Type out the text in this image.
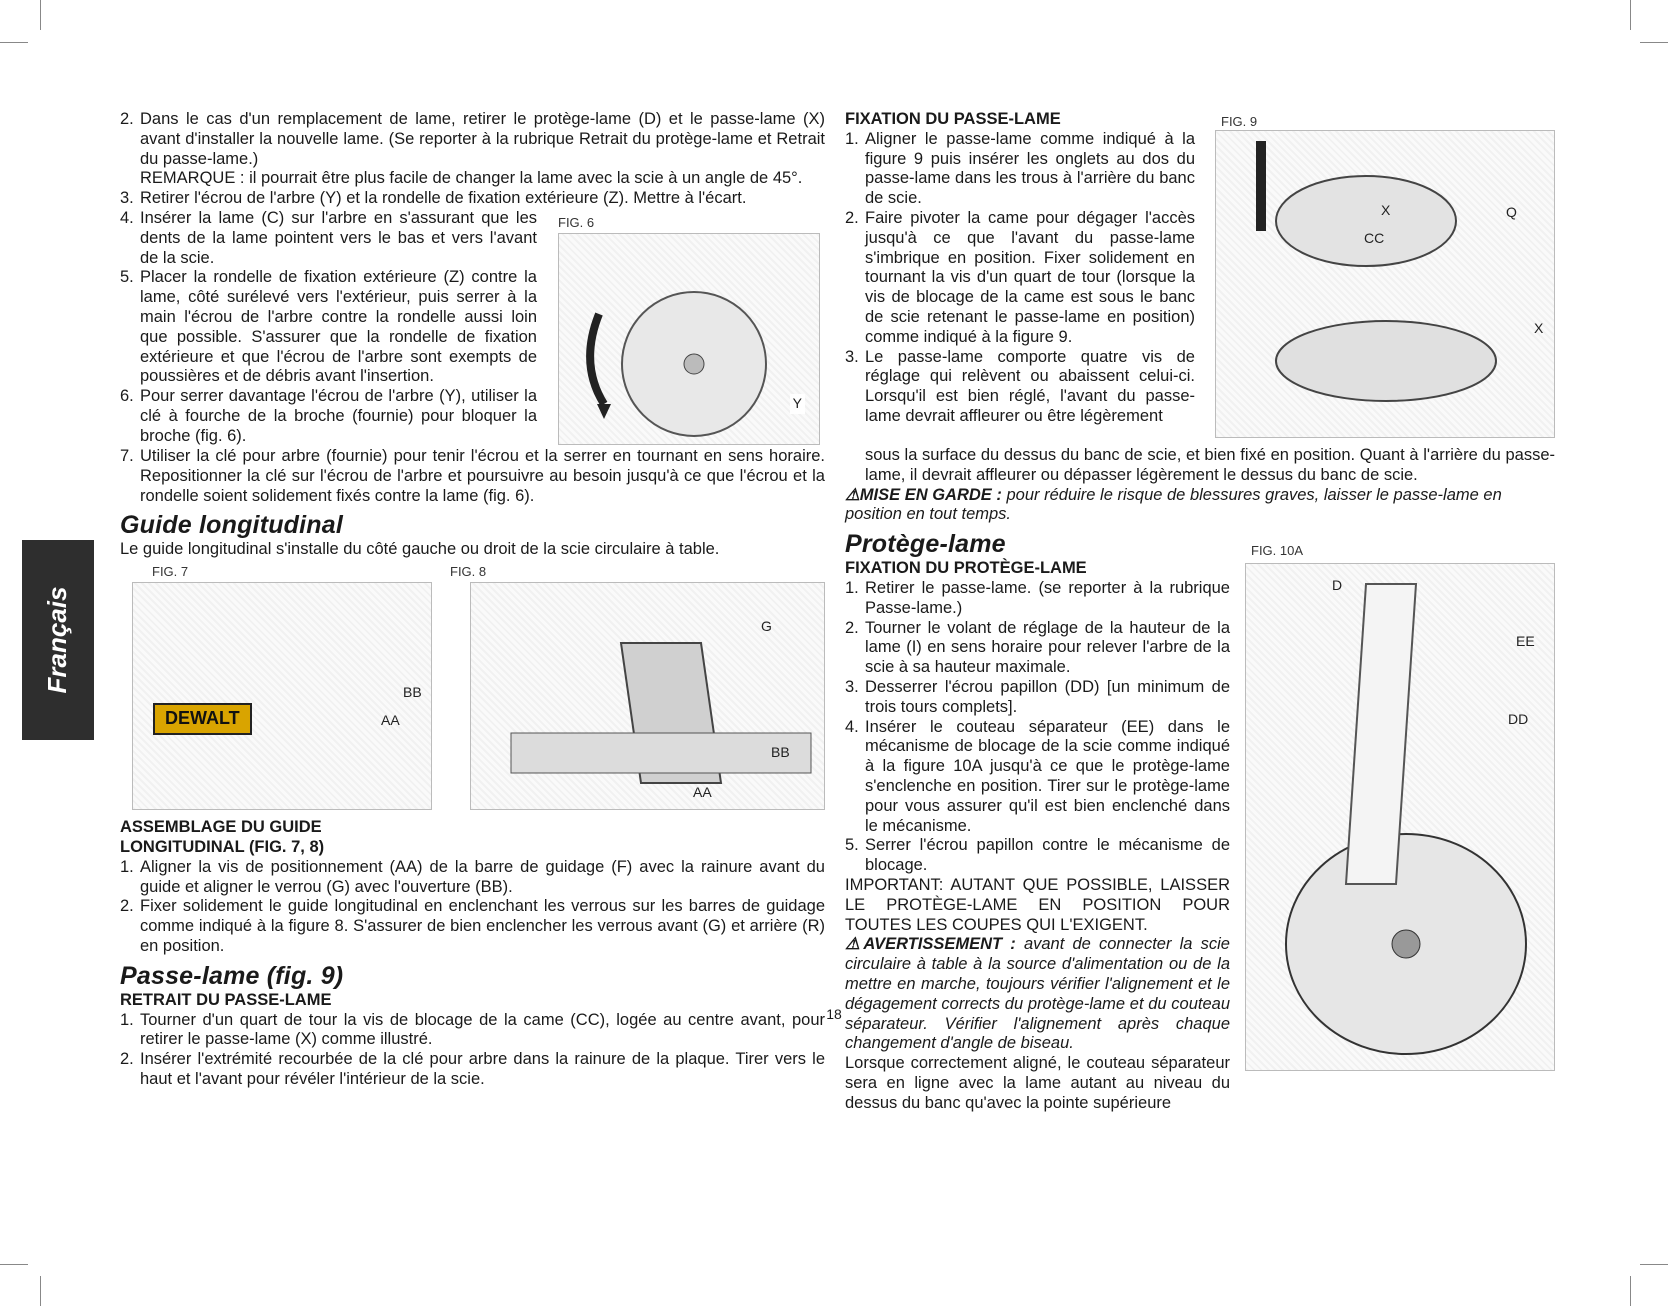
Français
2. Dans le cas d'un remplacement de lame, retirer le protège-lame (D) et le passe-lame (X) avant d'installer la nouvelle lame. (Se reporter à la rubrique Retrait du protège-lame et Retrait du passe-lame.)
REMARQUE : il pourrait être plus facile de changer la lame avec la scie à un angle de 45°.
3. Retirer l'écrou de l'arbre (Y) et la rondelle de fixation extérieure (Z). Mettre à l'écart.
4. Insérer la lame (C) sur l'arbre en s'assurant que les dents de la lame pointent vers le bas et vers l'avant de la scie.
5. Placer la rondelle de fixation extérieure (Z) contre la lame, côté surélevé vers l'extérieur, puis serrer à la main l'écrou de l'arbre contre la rondelle aussi loin que possible. S'assurer que la rondelle de fixation extérieure et que l'écrou de l'arbre sont exempts de poussières et de débris avant l'insertion.
6. Pour serrer davantage l'écrou de l'arbre (Y), utiliser la clé à fourche de la broche (fournie) pour bloquer la broche (fig. 6).
FIG. 6
Y
7. Utiliser la clé pour arbre (fournie) pour tenir l'écrou et la serrer en tournant en sens horaire. Repositionner la clé sur l'écrou de l'arbre et poursuivre au besoin jusqu'à ce que l'écrou et la rondelle soient solidement fixés contre la lame (fig. 6).
Guide longitudinal
Le guide longitudinal s'installe du côté gauche ou droit de la scie circulaire à table.
FIG. 7
DEWALT
BB
AA
FIG. 8
G
BB
AA
ASSEMBLAGE DU GUIDE
LONGITUDINAL (FIG. 7, 8)
1. Aligner la vis de positionnement (AA) de la barre de guidage (F) avec la rainure avant du guide et aligner le verrou (G) avec l'ouverture (BB).
2. Fixer solidement le guide longitudinal en enclenchant les verrous sur les barres de guidage comme indiqué à la figure 8. S'assurer de bien enclencher les verrous avant (G) et arrière (R) en position.
Passe-lame (fig. 9)
RETRAIT DU PASSE-LAME
1. Tourner d'un quart de tour la vis de blocage de la came (CC), logée au centre avant, pour retirer le passe-lame (X) comme illustré.
2. Insérer l'extrémité recourbée de la clé pour arbre dans la rainure de la plaque. Tirer vers le haut et l'avant pour révéler l'intérieur de la scie.
FIXATION DU PASSE-LAME
1. Aligner le passe-lame comme indiqué à la figure 9 puis insérer les onglets au dos du passe-lame dans les trous à l'arrière du banc de scie.
2. Faire pivoter la came pour dégager l'accès jusqu'à ce que l'avant du passe-lame s'imbrique en position. Fixer solidement en tournant la vis d'un quart de tour (lorsque la vis de blocage de la came est sous le banc de scie retenant le passe-lame en position) comme indiqué à la figure 9.
3. Le passe-lame comporte quatre vis de réglage qui relèvent ou abaissent celui-ci. Lorsqu'il est bien réglé, l'avant du passe-lame devrait affleurer ou être légèrement
FIG. 9
X
CC
Q
X
sous la surface du dessus du banc de scie, et bien fixé en position. Quant à l'arrière du passe-lame, il devrait affleurer ou dépasser légèrement le dessus du banc de scie.
⚠MISE EN GARDE : pour réduire le risque de blessures graves, laisser le passe-lame en position en tout temps.
Protège-lame
FIXATION DU PROTÈGE-LAME
1. Retirer le passe-lame. (se reporter à la rubrique Passe-lame.)
2. Tourner le volant de réglage de la hauteur de la lame (I) en sens horaire pour relever l'arbre de la scie à sa hauteur maximale.
3. Desserrer l'écrou papillon (DD) [un minimum de trois tours complets].
4. Insérer le couteau séparateur (EE) dans le mécanisme de blocage de la scie comme indiqué à la figure 10A jusqu'à ce que le protège-lame s'enclenche en position. Tirer sur le protège-lame pour vous assurer qu'il est bien enclenché dans le mécanisme.
5. Serrer l'écrou papillon contre le mécanisme de blocage.
IMPORTANT: AUTANT QUE POSSIBLE, LAISSER LE PROTÈGE-LAME EN POSITION POUR TOUTES LES COUPES QUI L'EXIGENT.
⚠AVERTISSEMENT : avant de connecter la scie circulaire à table à la source d'alimentation ou de la mettre en marche, toujours vérifier l'alignement et le dégagement corrects du protège-lame et du couteau séparateur. Vérifier l'alignement après chaque changement d'angle de biseau.
Lorsque correctement aligné, le couteau séparateur sera en ligne avec la lame autant au niveau du dessus du banc qu'avec la pointe supérieure
FIG. 10A
D
EE
DD
18
